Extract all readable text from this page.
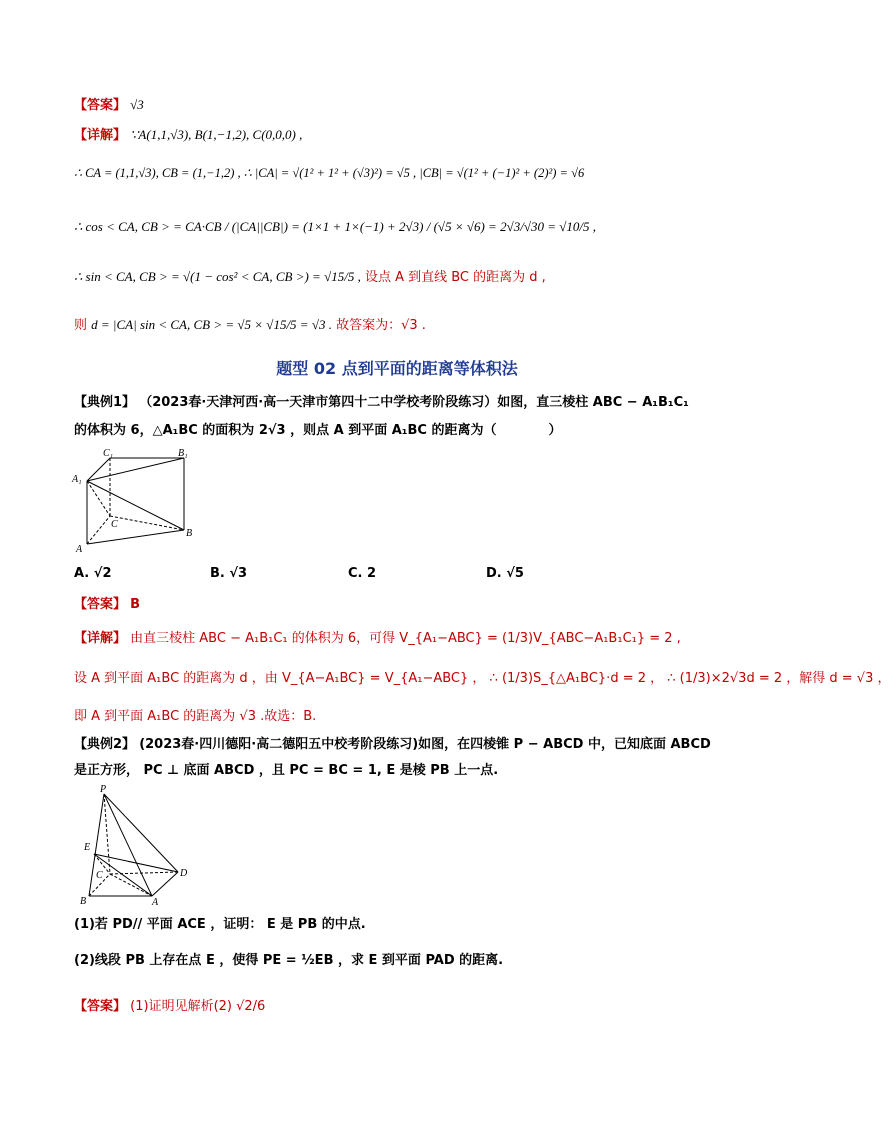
【答案】 √3
【详解】 ∵A(1,1,√3), B(1,−1,2), C(0,0,0) ,
∴ CA = (1,1,√3), CB = (1,−1,2) , ∴ |CA| = √(1² + 1² + (√3)²) = √5 , |CB| = √(1² + (−1)² + (2)²) = √6
∴ cos < CA, CB > = CA·CB / (|CA||CB|) = (1×1 + 1×(−1) + 2√3) / (√5 × √6) = 2√3/√30 = √10/5 ,
∴ sin < CA, CB > = √(1 − cos² < CA, CB >) = √15/5 , 设点 A 到直线 BC 的距离为 d ,
则 d = |CA| sin < CA, CB > = √5 × √15/5 = √3 . 故答案为：√3 .
题型 02 点到平面的距离等体积法
【典例1】 （2023春·天津河西·高一天津市第四十二中学校考阶段练习）如图，直三棱柱 ABC − A₁B₁C₁
的体积为 6，△A₁BC 的面积为 2√3 ，则点 A 到平面 A₁BC 的距离为（　　　　）
C₁	B₁
A₁
C
B
A
A. √2	B. √3	C. 2	D. √5
【答案】 B
【详解】 由直三棱柱 ABC − A₁B₁C₁ 的体积为 6，可得 V_{A₁−ABC} = (1/3)V_{ABC−A₁B₁C₁} = 2 ,
设 A 到平面 A₁BC 的距离为 d ，由 V_{A−A₁BC} = V_{A₁−ABC} ， ∴ (1/3)S_{△A₁BC}·d = 2 ， ∴ (1/3)×2√3d = 2 ，解得 d = √3 ，
即 A 到平面 A₁BC 的距离为 √3 .故选：B.
【典例2】 (2023春·四川德阳·高二德阳五中校考阶段练习)如图，在四棱锥 P − ABCD 中，已知底面 ABCD
是正方形， PC ⊥ 底面 ABCD ，且 PC = BC = 1, E 是棱 PB 上一点.
P
E
C	D
B	A
(1)若 PD// 平面 ACE ，证明： E 是 PB 的中点.
(2)线段 PB 上存在点 E ，使得 PE = ½EB ，求 E 到平面 PAD 的距离.
【答案】 (1)证明见解析(2) √2/6
